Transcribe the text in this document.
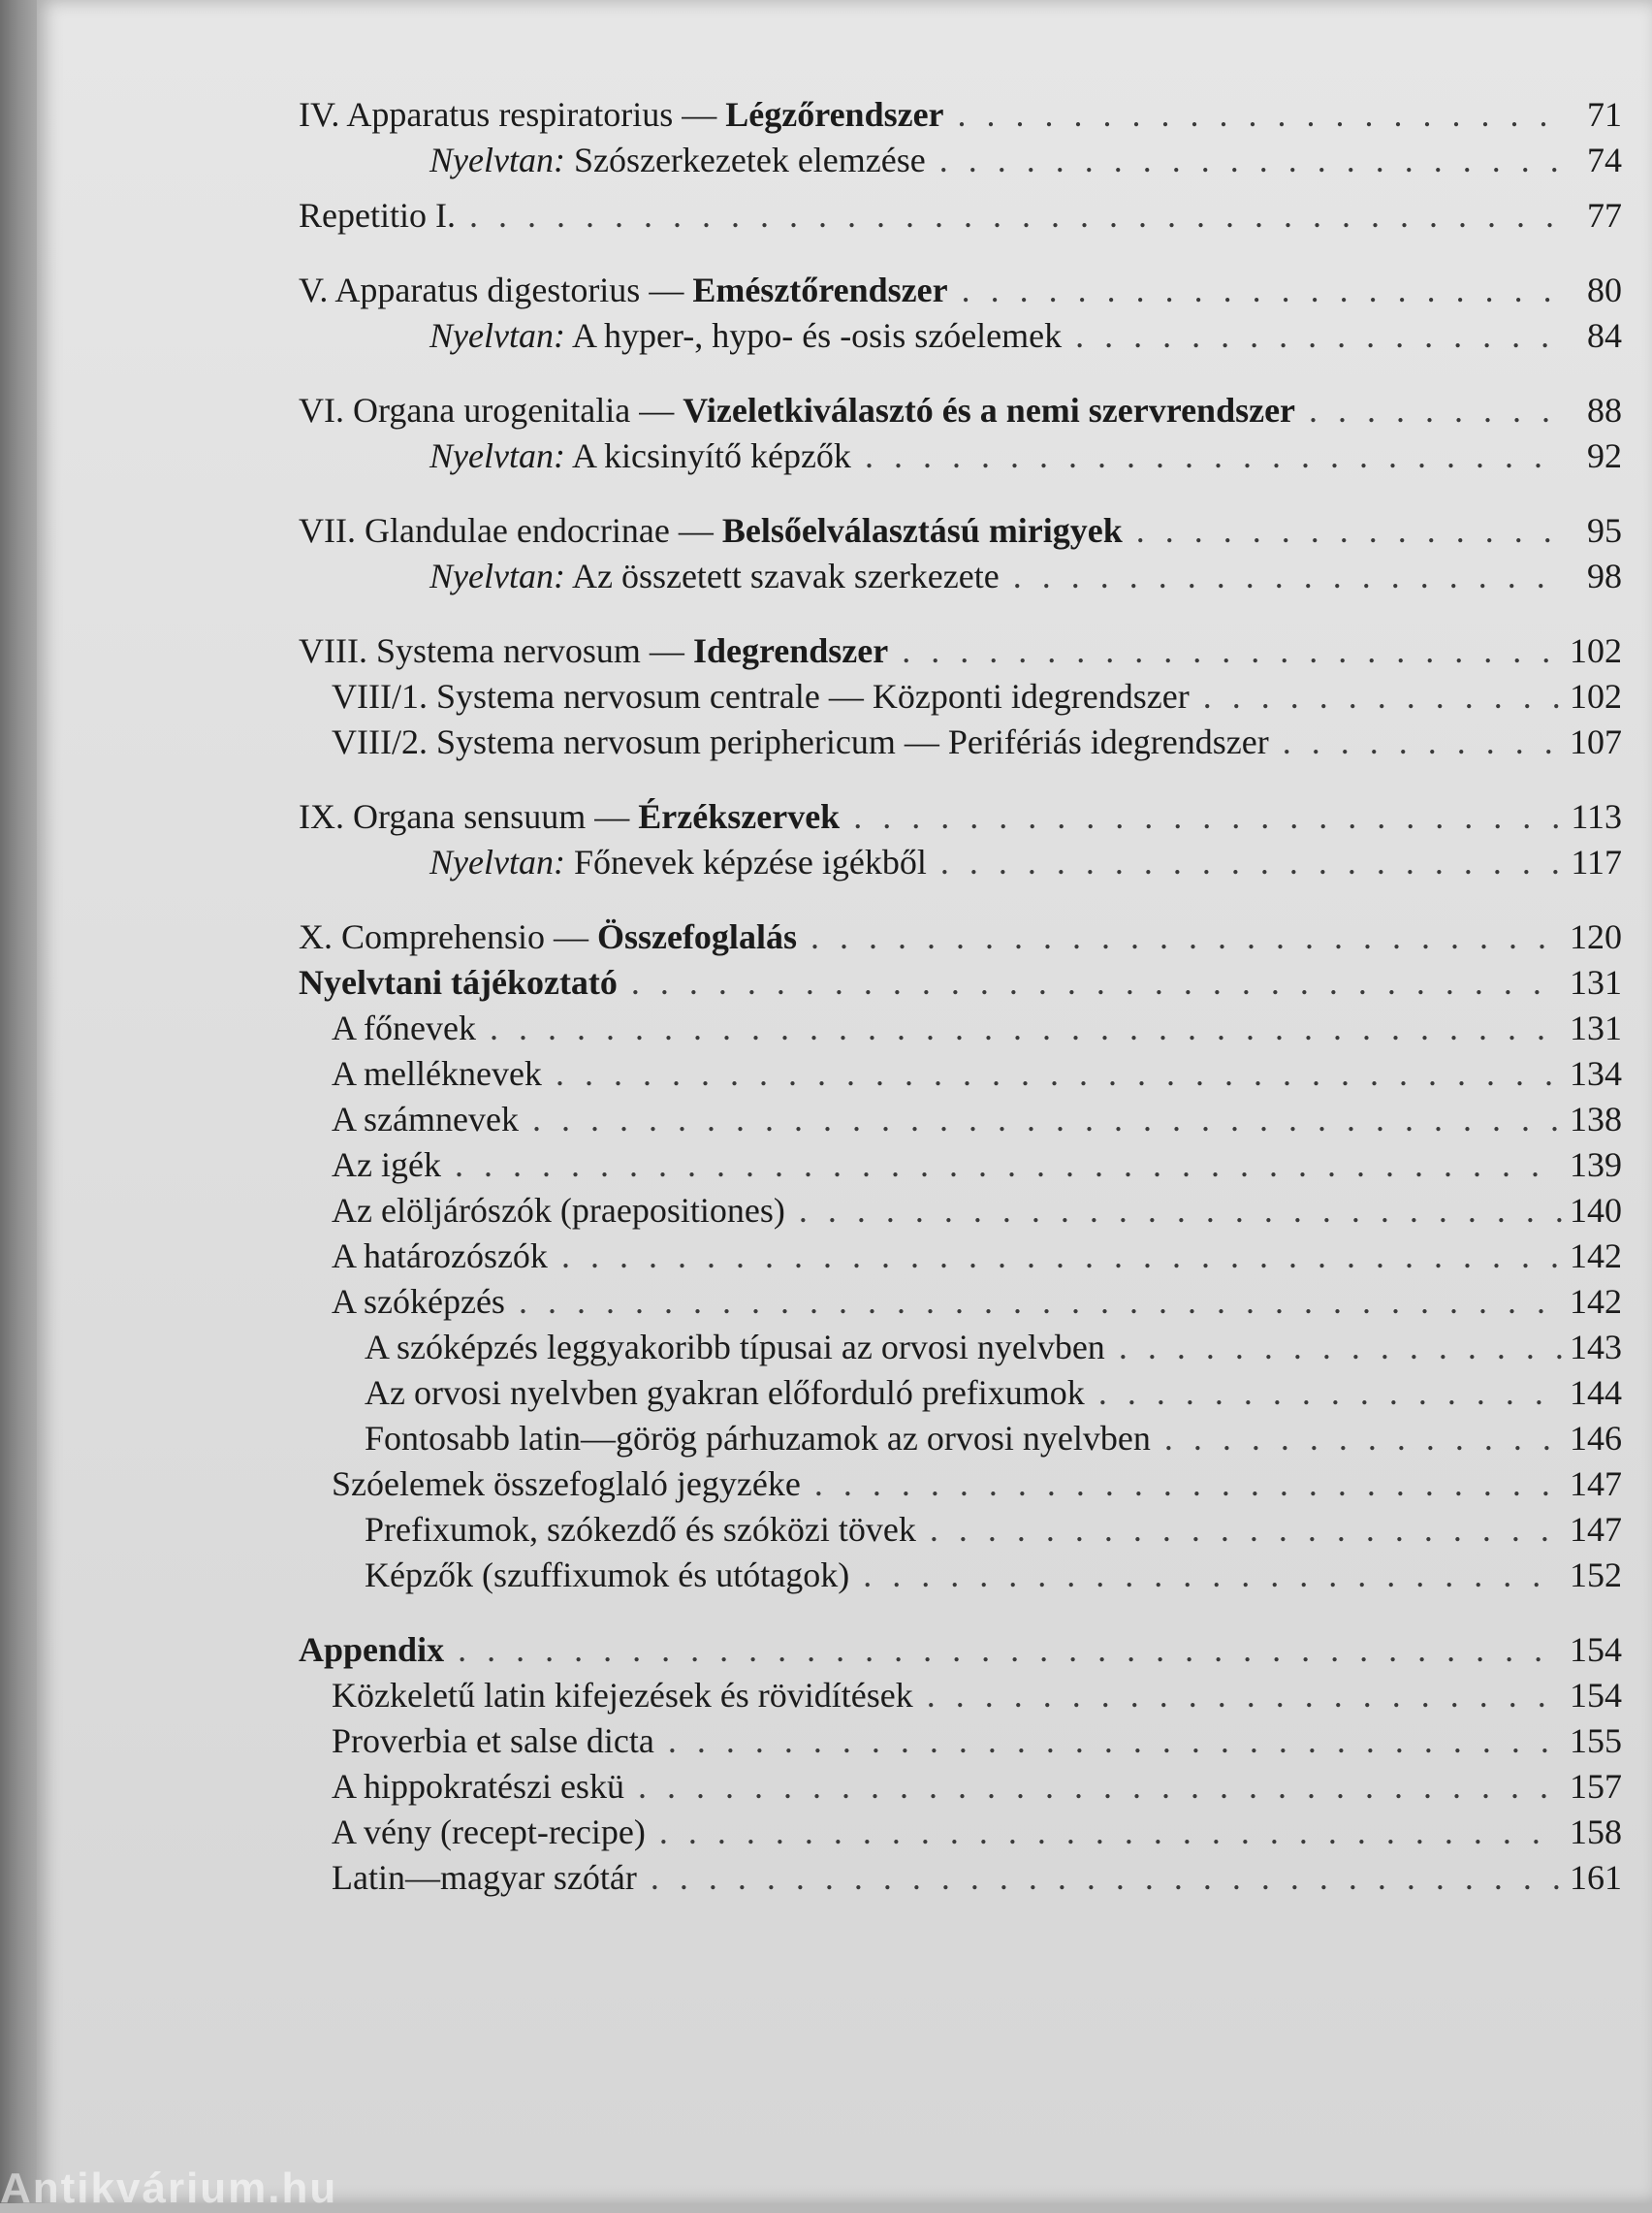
IV. Apparatus respiratorius — Légzőrendszer . . .	71
Nyelvtan: Szószerkezetek elemzése . . .	74
Repetitio I. . . .	77
V. Apparatus digestorius — Emésztőrendszer . . .	80
Nyelvtan: A hyper-, hypo- és -osis szóelemek . . .	84
VI. Organa urogenitalia — Vizeletkiválasztó és a nemi szervrendszer . . .	88
Nyelvtan: A kicsinyítő képzők . . .	92
VII. Glandulae endocrinae — Belsőelválasztású mirigyek . . .	95
Nyelvtan: Az összetett szavak szerkezete . . .	98
VIII. Systema nervosum — Idegrendszer . . .	102
VIII/1. Systema nervosum centrale — Központi idegrendszer . . .	102
VIII/2. Systema nervosum periphericum — Perifériás idegrendszer . . .	107
IX. Organa sensuum — Érzékszervek . . .	113
Nyelvtan: Főnevek képzése igékből . . .	117
X. Comprehensio — Összefoglalás . . .	120
Nyelvtani tájékoztató . . .	131
A főnevek . . .	131
A melléknevek . . .	134
A számnevek . . .	138
Az igék . . .	139
Az elöljárószók (praepositiones) . . .	140
A határozószók . . .	142
A szóképzés . . .	142
A szóképzés leggyakoribb típusai az orvosi nyelvben . . .	143
Az orvosi nyelvben gyakran előforduló prefixumok . . .	144
Fontosabb latin—görög párhuzamok az orvosi nyelvben . . .	146
Szóelemek összefoglaló jegyzéke . . .	147
Prefixumok, szókezdő és szóközi tövek . . .	147
Képzők (szuffixumok és utótagok) . . .	152
Appendix . . .	154
Közkeletű latin kifejezések és rövidítések . . .	154
Proverbia et salse dicta . . .	155
A hippokratészi eskü . . .	157
A vény (recept-recipe) . . .	158
Latin—magyar szótár . . .	161
Antikvárium.hu
